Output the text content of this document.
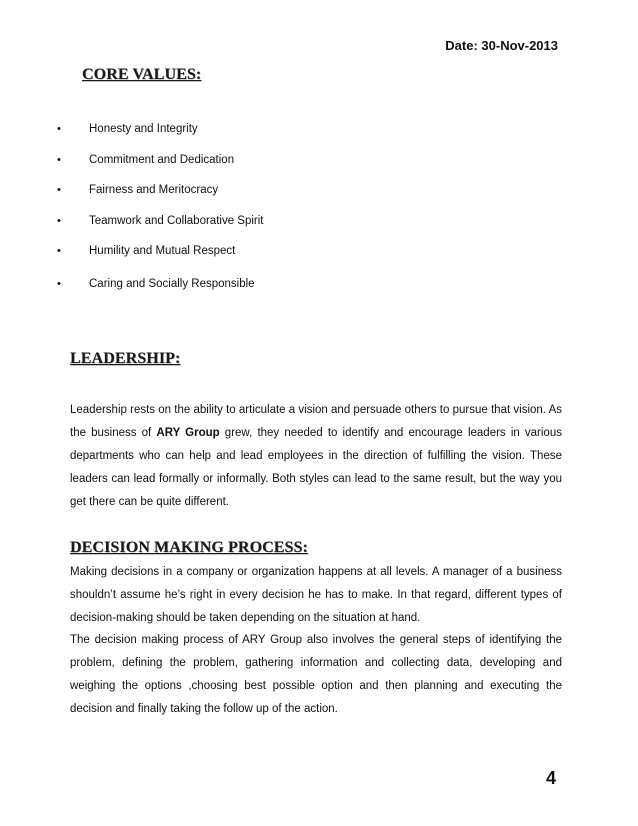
Date: 30-Nov-2013
CORE VALUES:
• Honesty and Integrity
• Commitment and Dedication
• Fairness and Meritocracy
• Teamwork and Collaborative Spirit
• Humility and Mutual Respect
• Caring and Socially Responsible
LEADERSHIP:

Leadership rests on the ability to articulate a vision and persuade others to pursue that vision. As the business of ARY Group grew, they needed to identify and encourage leaders in various departments who can help and lead employees in the direction of fulfilling the vision. These leaders can lead formally or informally. Both styles can lead to the same result, but the way you get there can be quite different.

DECISION MAKING PROCESS:

Making decisions in a company or organization happens at all levels. A manager of a business shouldn’t assume he’s right in every decision he has to make. In that regard, different types of decision-making should be taken depending on the situation at hand.

The decision making process of ARY Group also involves the general steps of identifying the problem, defining the problem, gathering information and collecting data, developing and weighing the options ,choosing best possible option and then planning and executing the decision and finally taking the follow up of the action.

4
